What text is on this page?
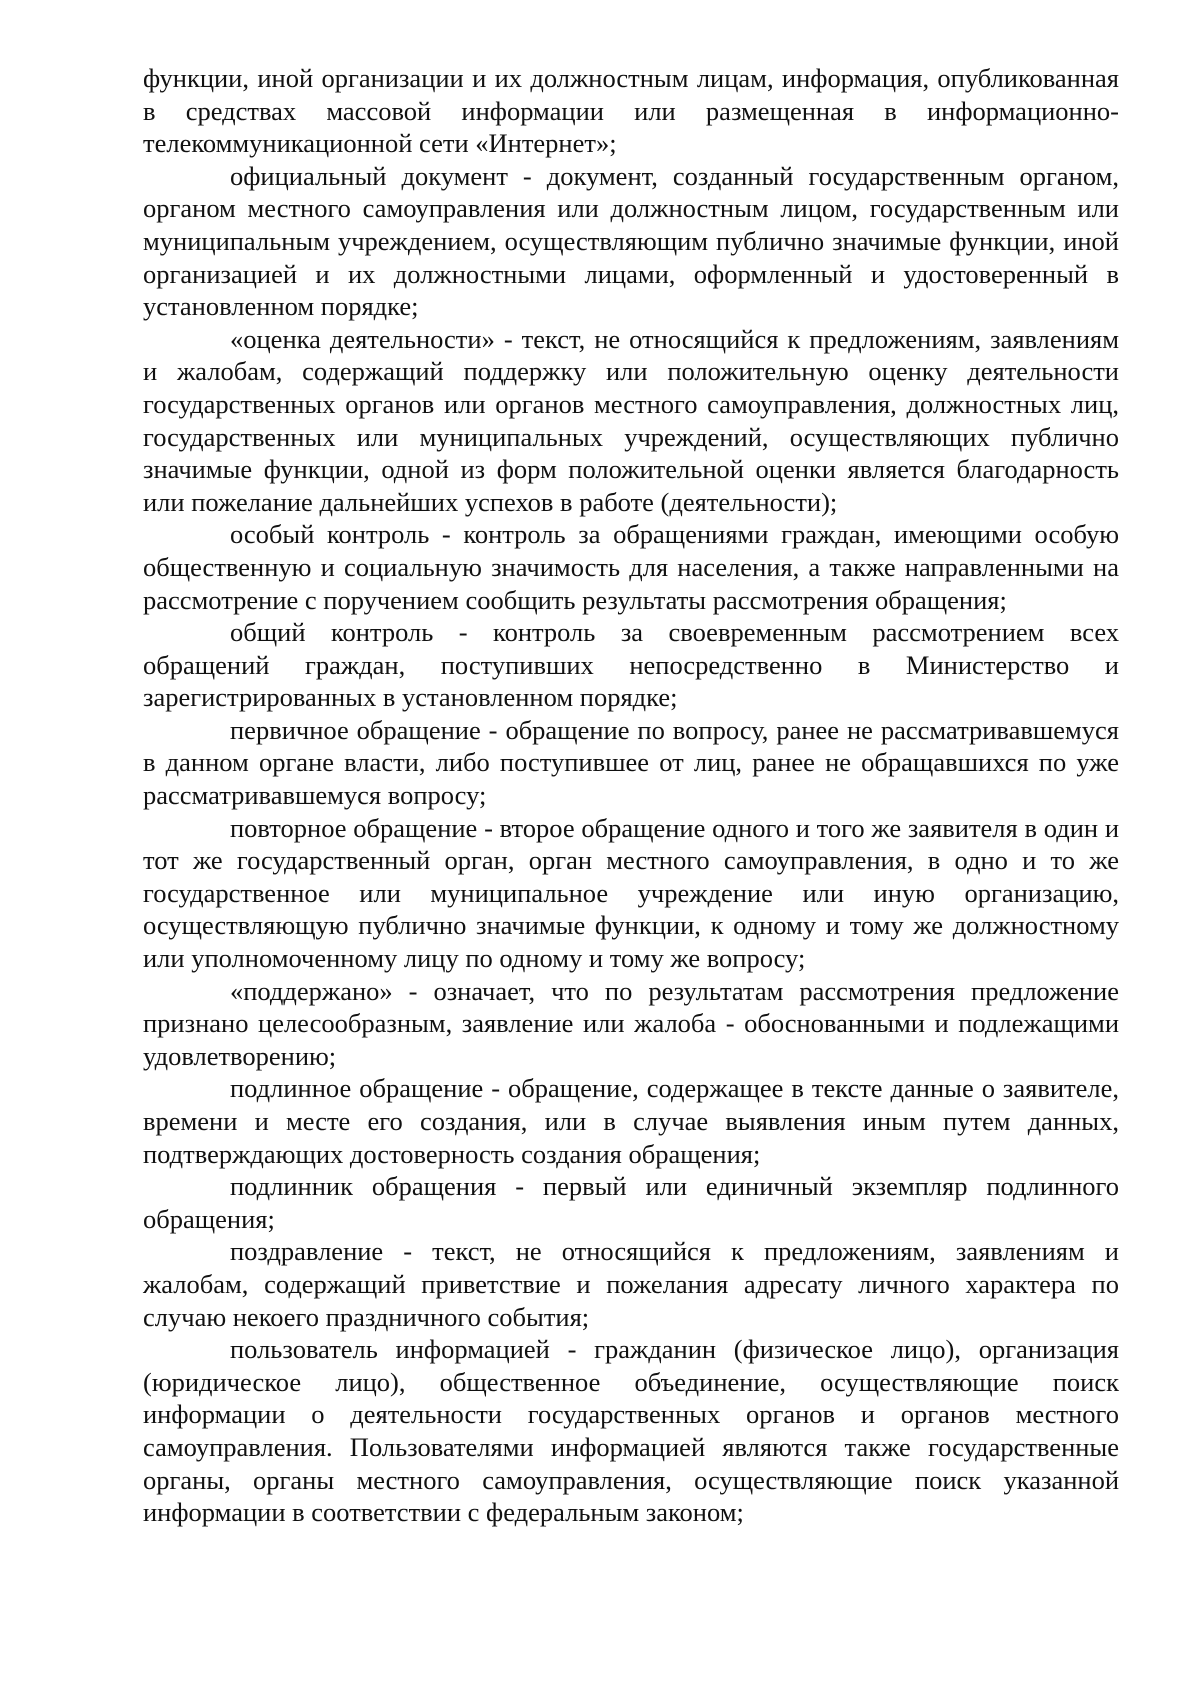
функции, иной организации и их должностным лицам, информация, опубликованная в средствах массовой информации или размещенная в информационно-телекоммуникационной сети «Интернет»;

официальный документ - документ, созданный государственным органом, органом местного самоуправления или должностным лицом, государственным или муниципальным учреждением, осуществляющим публично значимые функции, иной организацией и их должностными лицами, оформленный и удостоверенный в установленном порядке;

«оценка деятельности» - текст, не относящийся к предложениям, заявлениям и жалобам, содержащий поддержку или положительную оценку деятельности государственных органов или органов местного самоуправления, должностных лиц, государственных или муниципальных учреждений, осуществляющих публично значимые функции, одной из форм положительной оценки является благодарность или пожелание дальнейших успехов в работе (деятельности);

особый контроль - контроль за обращениями граждан, имеющими особую общественную и социальную значимость для населения, а также направленными на рассмотрение с поручением сообщить результаты рассмотрения обращения;

общий контроль - контроль за своевременным рассмотрением всех обращений граждан, поступивших непосредственно в Министерство и зарегистрированных в установленном порядке;

первичное обращение - обращение по вопросу, ранее не рассматривавшемуся в данном органе власти, либо поступившее от лиц, ранее не обращавшихся по уже рассматривавшемуся вопросу;

повторное обращение - второе обращение одного и того же заявителя в один и тот же государственный орган, орган местного самоуправления, в одно и то же государственное или муниципальное учреждение или иную организацию, осуществляющую публично значимые функции, к одному и тому же должностному или уполномоченному лицу по одному и тому же вопросу;

«поддержано» - означает, что по результатам рассмотрения предложение признано целесообразным, заявление или жалоба - обоснованными и подлежащими удовлетворению;

подлинное обращение - обращение, содержащее в тексте данные о заявителе, времени и месте его создания, или в случае выявления иным путем данных, подтверждающих достоверность создания обращения;

подлинник обращения - первый или единичный экземпляр подлинного обращения;

поздравление - текст, не относящийся к предложениям, заявлениям и жалобам, содержащий приветствие и пожелания адресату личного характера по случаю некоего праздничного события;

пользователь информацией - гражданин (физическое лицо), организация (юридическое лицо), общественное объединение, осуществляющие поиск информации о деятельности государственных органов и органов местного самоуправления. Пользователями информацией являются также государственные органы, органы местного самоуправления, осуществляющие поиск указанной информации в соответствии с федеральным законом;
